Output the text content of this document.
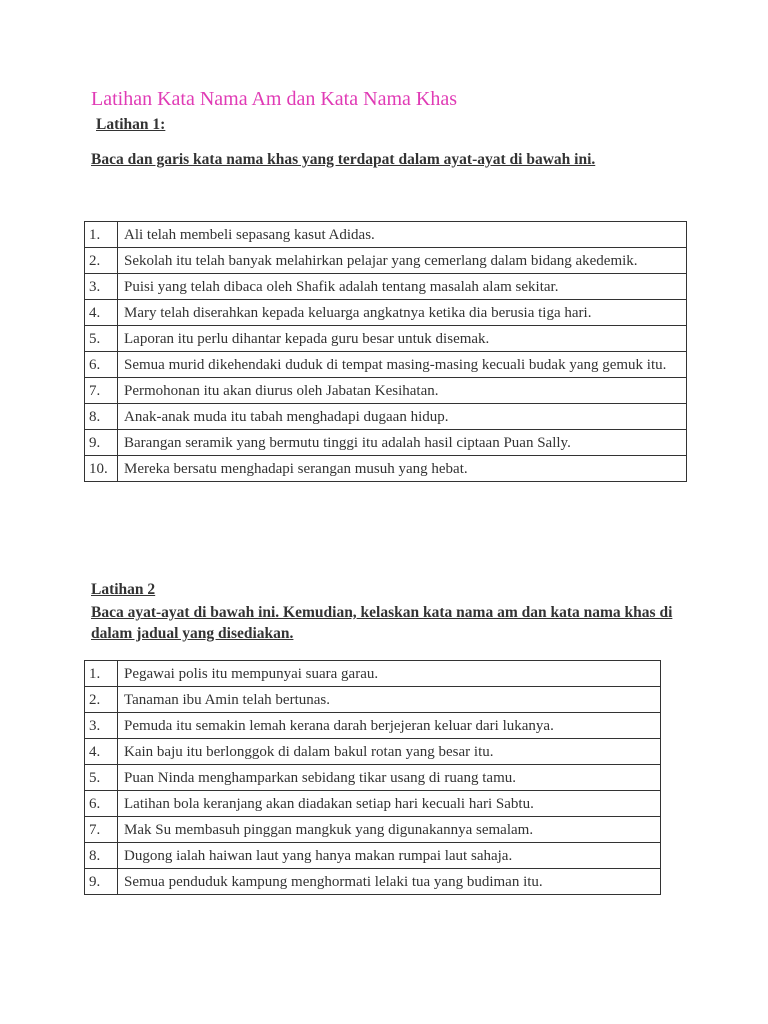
Latihan Kata Nama Am dan Kata Nama Khas
Latihan 1:
Baca dan garis kata nama khas yang terdapat dalam ayat-ayat di bawah ini.
1.	Ali telah membeli sepasang kasut Adidas.
2.	Sekolah itu telah banyak melahirkan pelajar yang cemerlang dalam bidang akedemik.
3.	Puisi yang telah dibaca oleh Shafik adalah tentang masalah alam sekitar.
4.	Mary telah diserahkan kepada keluarga angkatnya ketika dia berusia tiga hari.
5.	Laporan itu perlu dihantar kepada guru besar untuk disemak.
6.	Semua murid dikehendaki duduk di tempat masing-masing kecuali budak yang gemuk itu.
7.	Permohonan itu akan diurus oleh Jabatan Kesihatan.
8.	Anak-anak muda itu tabah menghadapi dugaan hidup.
9.	Barangan seramik yang bermutu tinggi itu adalah hasil ciptaan Puan Sally.
10.	Mereka bersatu menghadapi serangan musuh yang hebat.
Latihan 2
Baca ayat-ayat di bawah ini. Kemudian, kelaskan kata nama am dan kata nama khas di dalam jadual yang disediakan.
1.	Pegawai polis itu mempunyai suara garau.
2.	Tanaman ibu Amin telah bertunas.
3.	Pemuda itu semakin lemah kerana darah berjejeran keluar dari lukanya.
4.	Kain baju itu berlonggok di dalam bakul rotan yang besar itu.
5.	Puan Ninda menghamparkan sebidang tikar usang di ruang tamu.
6.	Latihan bola keranjang akan diadakan setiap hari kecuali hari Sabtu.
7.	Mak Su membasuh pinggan mangkuk yang digunakannya semalam.
8.	Dugong ialah haiwan laut yang hanya makan rumpai laut sahaja.
9.	Semua penduduk kampung menghormati lelaki tua yang budiman itu.
